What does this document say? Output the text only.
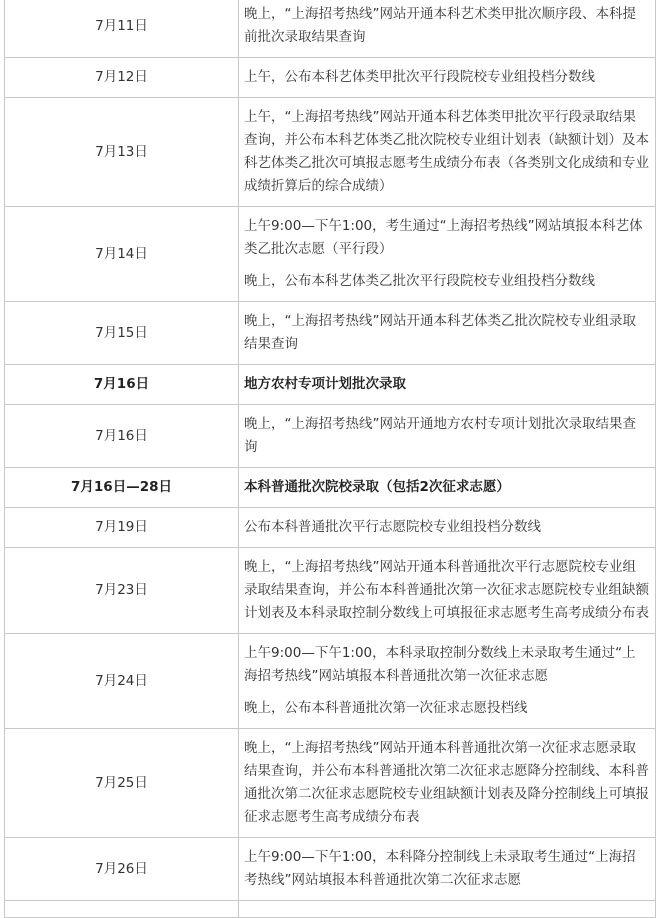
7月11日	晚上，“上海招考热线”网站开通本科艺术类甲批次顺序段、本科提前批次录取结果查询

7月12日	上午，公布本科艺体类甲批次平行段院校专业组投档分数线

7月13日	上午，“上海招考热线”网站开通本科艺体类甲批次平行段录取结果查询，并公布本科艺体类乙批次院校专业组计划表（缺额计划）及本科艺体类乙批次可填报志愿考生成绩分布表（各类别文化成绩和专业成绩折算后的综合成绩）

7月14日	上午9:00—下午1:00，考生通过“上海招考热线”网站填报本科艺体类乙批次志愿（平行段）

晚上，公布本科艺体类乙批次平行段院校专业组投档分数线

7月15日	晚上，“上海招考热线”网站开通本科艺体类乙批次院校专业组录取结果查询

7月16日	地方农村专项计划批次录取

7月16日	晚上，“上海招考热线”网站开通地方农村专项计划批次录取结果查询

7月16日—28日	本科普通批次院校录取（包括2次征求志愿）

7月19日	公布本科普通批次平行志愿院校专业组投档分数线

7月23日	晚上，“上海招考热线”网站开通本科普通批次平行志愿院校专业组录取结果查询，并公布本科普通批次第一次征求志愿院校专业组缺额计划表及本科录取控制分数线上可填报征求志愿考生高考成绩分布表

7月24日	上午9:00—下午1:00，本科录取控制分数线上未录取考生通过“上海招考热线”网站填报本科普通批次第一次征求志愿

晚上，公布本科普通批次第一次征求志愿投档线

7月25日	晚上，“上海招考热线”网站开通本科普通批次第一次征求志愿录取结果查询，并公布本科普通批次第二次征求志愿降分控制线、本科普通批次第二次征求志愿院校专业组缺额计划表及降分控制线上可填报征求志愿考生高考成绩分布表

7月26日	上午9:00—下午1:00，本科降分控制线上未录取考生通过“上海招考热线”网站填报本科普通批次第二次征求志愿
